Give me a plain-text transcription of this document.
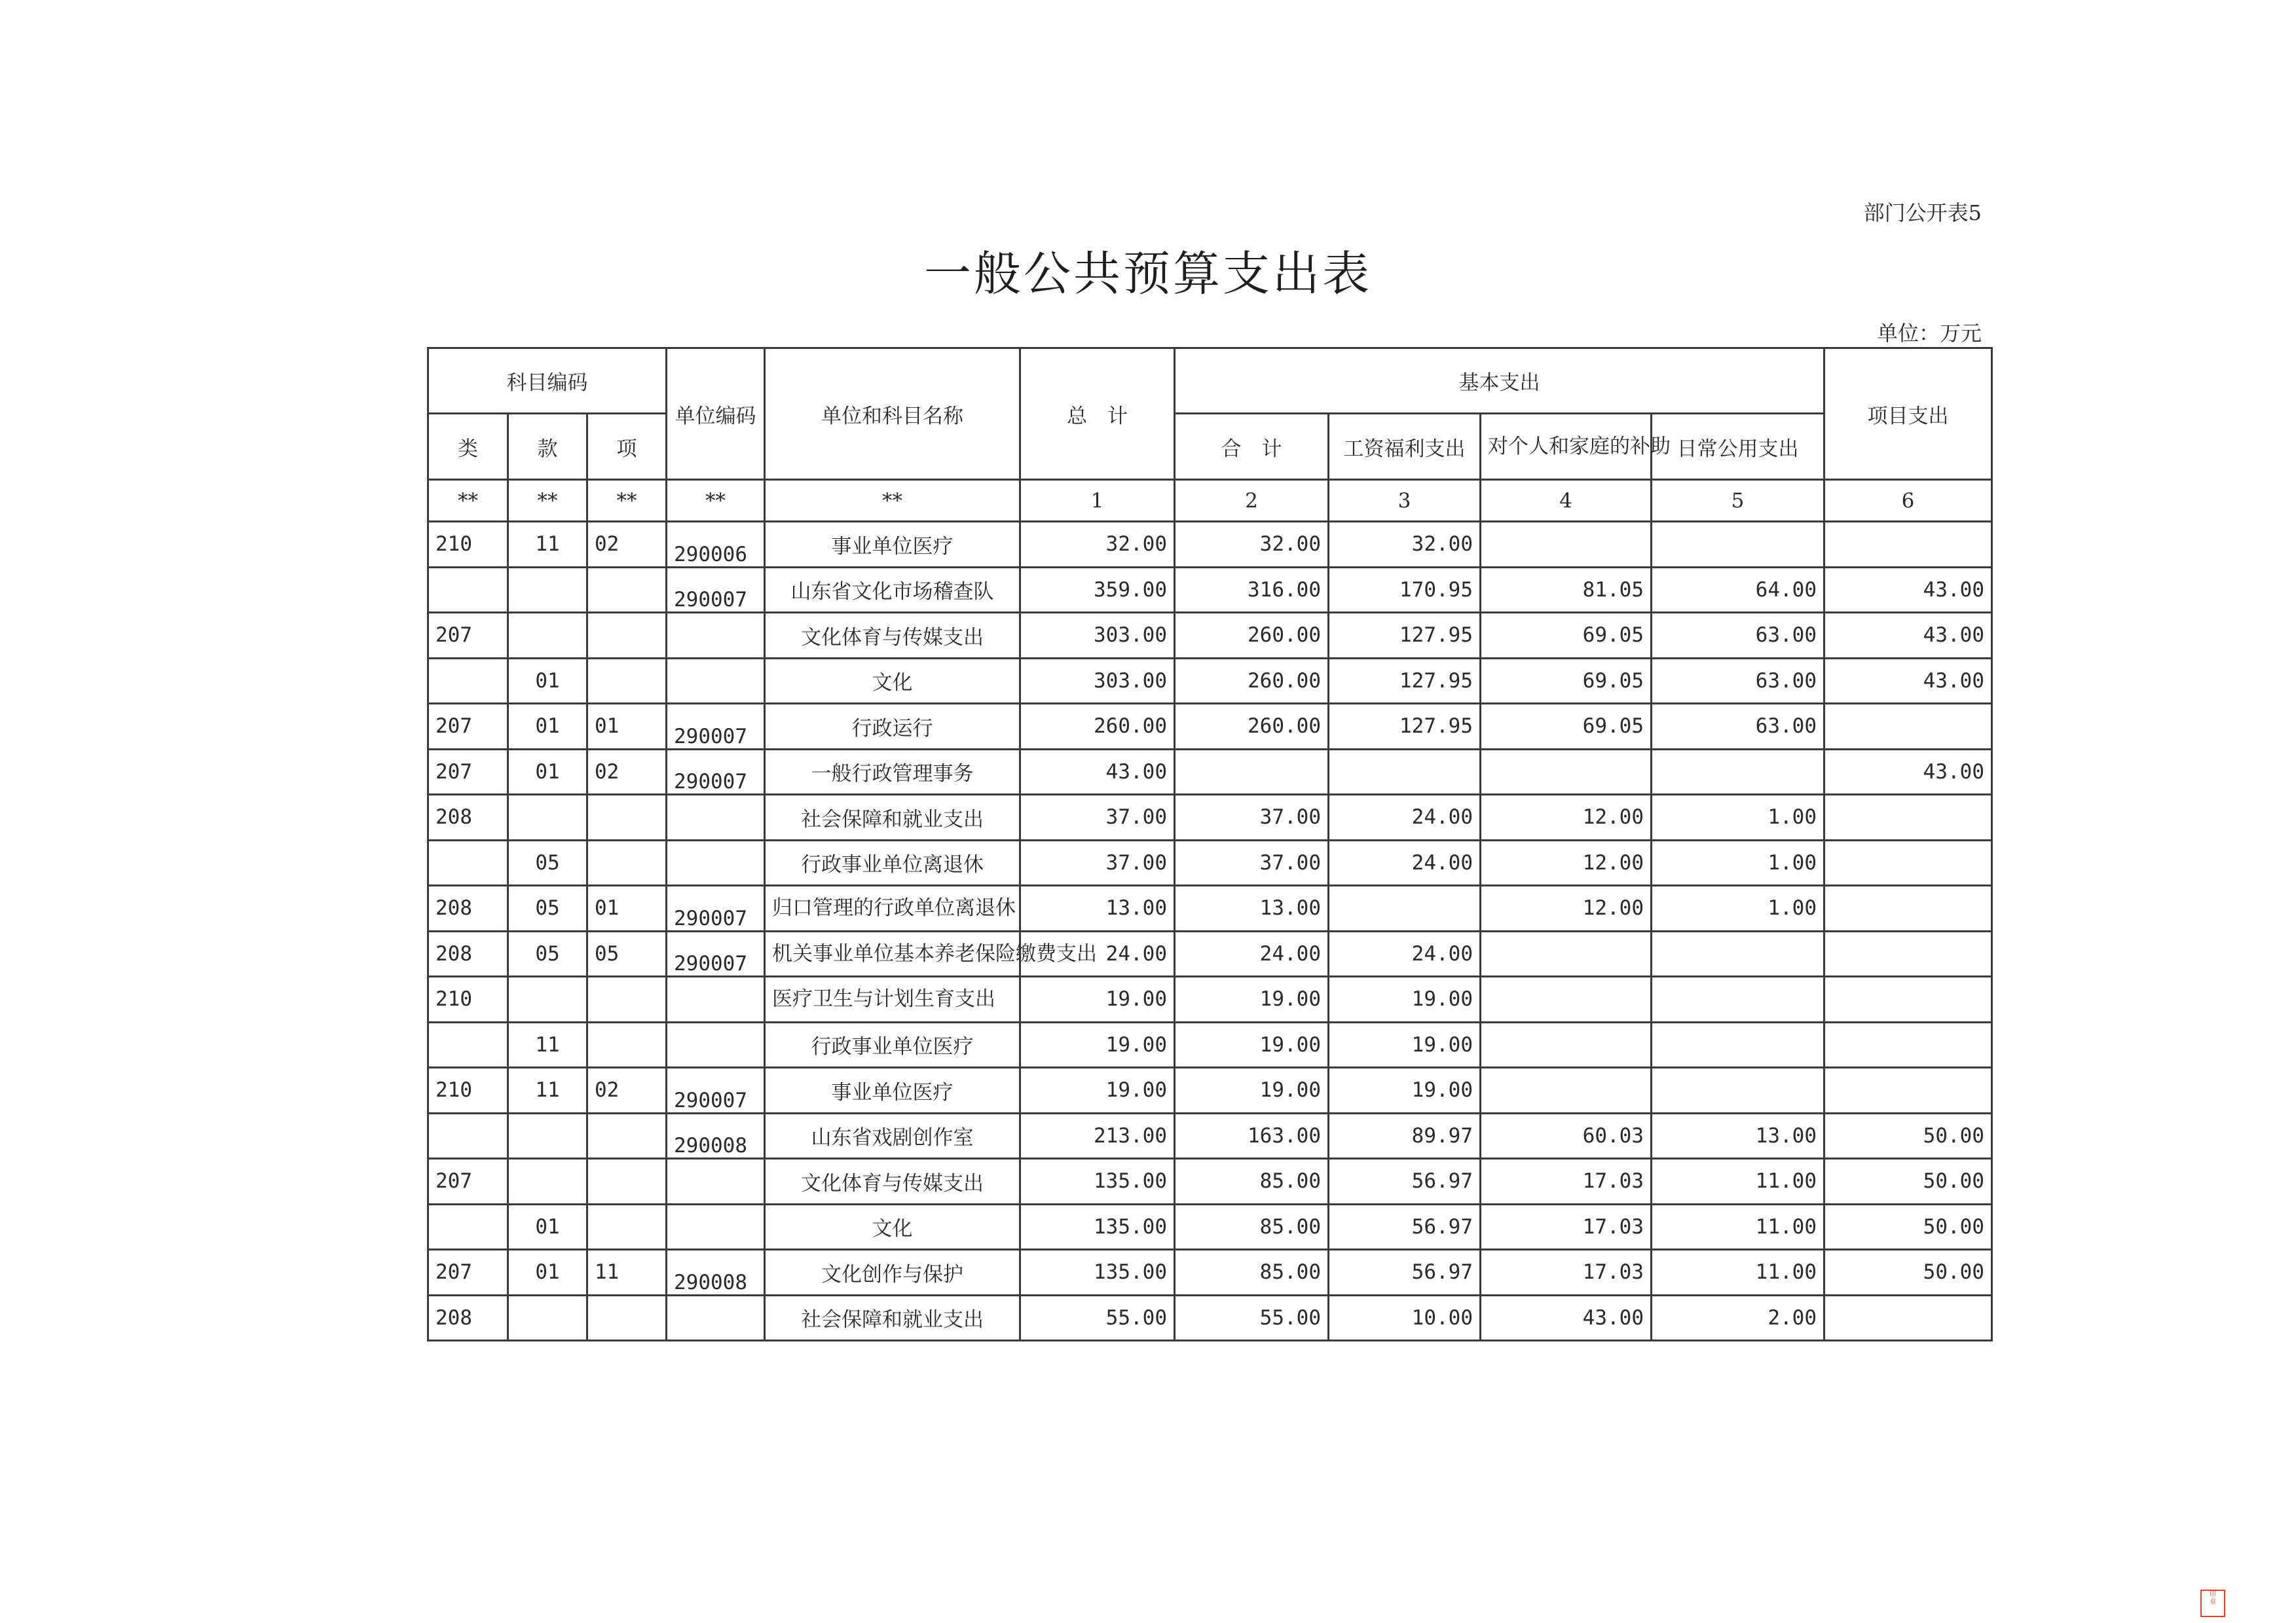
部门公开表5
一般公共预算支出表
单位：万元
科目编码			单位编码	单位和科目名称	总　计	基本支出				项目支出
类	款	项				合　计	工资福利支出	对个人和家庭的补助	日常公用支出	
**	**	**	**	**	1	2	3	4	5	6
210	11	02	290006	事业单位医疗	32.00	32.00	32.00			
			290007	山东省文化市场稽查队	359.00	316.00	170.95	81.05	64.00	43.00
207				文化体育与传媒支出	303.00	260.00	127.95	69.05	63.00	43.00
	01			文化	303.00	260.00	127.95	69.05	63.00	43.00
207	01	01	290007	行政运行	260.00	260.00	127.95	69.05	63.00	
207	01	02	290007	一般行政管理事务	43.00					43.00
208				社会保障和就业支出	37.00	37.00	24.00	12.00	1.00	
	05			行政事业单位离退休	37.00	37.00	24.00	12.00	1.00	
208	05	01	290007	归口管理的行政单位离退休	13.00	13.00		12.00	1.00	
208	05	05	290007	机关事业单位基本养老保险缴费支出	24.00	24.00	24.00			
210				医疗卫生与计划生育支出	19.00	19.00	19.00			
	11			行政事业单位医疗	19.00	19.00	19.00			
210	11	02	290007	事业单位医疗	19.00	19.00	19.00			
			290008	山东省戏剧创作室	213.00	163.00	89.97	60.03	13.00	50.00
207				文化体育与传媒支出	135.00	85.00	56.97	17.03	11.00	50.00
	01			文化	135.00	85.00	56.97	17.03	11.00	50.00
207	01	11	290008	文化创作与保护	135.00	85.00	56.97	17.03	11.00	50.00
208				社会保障和就业支出	55.00	55.00	10.00	43.00	2.00	
印
章
